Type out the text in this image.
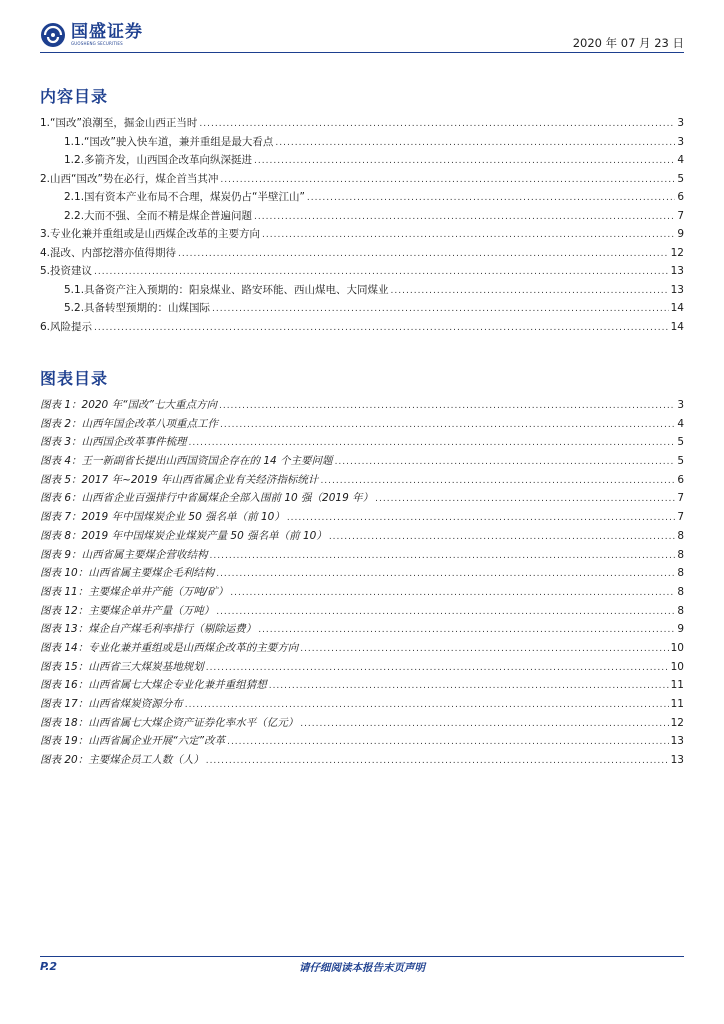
国盛证券
GUOSHENG SECURITIES	2020 年 07 月 23 日
内容目录
1.“国改”浪潮至，掘金山西正当时 .....	3
1.1.“国改”驶入快车道，兼并重组是最大看点 .....	3
1.2.多箭齐发，山西国企改革向纵深挺进 .....	4
2.山西“国改”势在必行，煤企首当其冲 .....	5
2.1.国有资本产业布局不合理，煤炭仍占“半壁江山” .....	6
2.2.大而不强、全而不精是煤企普遍问题 .....	7
3.专业化兼并重组或是山西煤企改革的主要方向 .....	9
4.混改、内部挖潜亦值得期待 .....	12
5.投资建议 .....	13
5.1.具备资产注入预期的：阳泉煤业、路安环能、西山煤电、大同煤业 .....	13
5.2.具备转型预期的：山煤国际 .....	14
6.风险提示 .....	14
图表目录
图表 1：2020 年“国改”七大重点方向 .....	3
图表 2：山西年国企改革八项重点工作 .....	4
图表 3：山西国企改革事件梳理 .....	5
图表 4：王一新副省长提出山西国资国企存在的 14 个主要问题 .....	5
图表 5：2017 年~2019 年山西省属企业有关经济指标统计 .....	6
图表 6：山西省企业百强排行中省属煤企全部入围前 10 强（2019 年） .....	7
图表 7：2019 年中国煤炭企业 50 强名单（前 10） .....	7
图表 8：2019 年中国煤炭企业煤炭产量 50 强名单（前 10） .....	8
图表 9：山西省属主要煤企营收结构 .....	8
图表 10：山西省属主要煤企毛利结构 .....	8
图表 11：主要煤企单井产能（万吨/矿） .....	8
图表 12：主要煤企单井产量（万吨） .....	8
图表 13：煤企自产煤毛利率排行（剔除运费） .....	9
图表 14：专业化兼并重组或是山西煤企改革的主要方向 .....	10
图表 15：山西省三大煤炭基地规划 .....	10
图表 16：山西省属七大煤企专业化兼并重组猜想 .....	11
图表 17：山西省煤炭资源分布 .....	11
图表 18：山西省属七大煤企资产证券化率水平（亿元） .....	12
图表 19：山西省属企业开展“六定”改革 .....	13
图表 20：主要煤企员工人数（人） .....	13
P.2	请仔细阅读本报告末页声明
